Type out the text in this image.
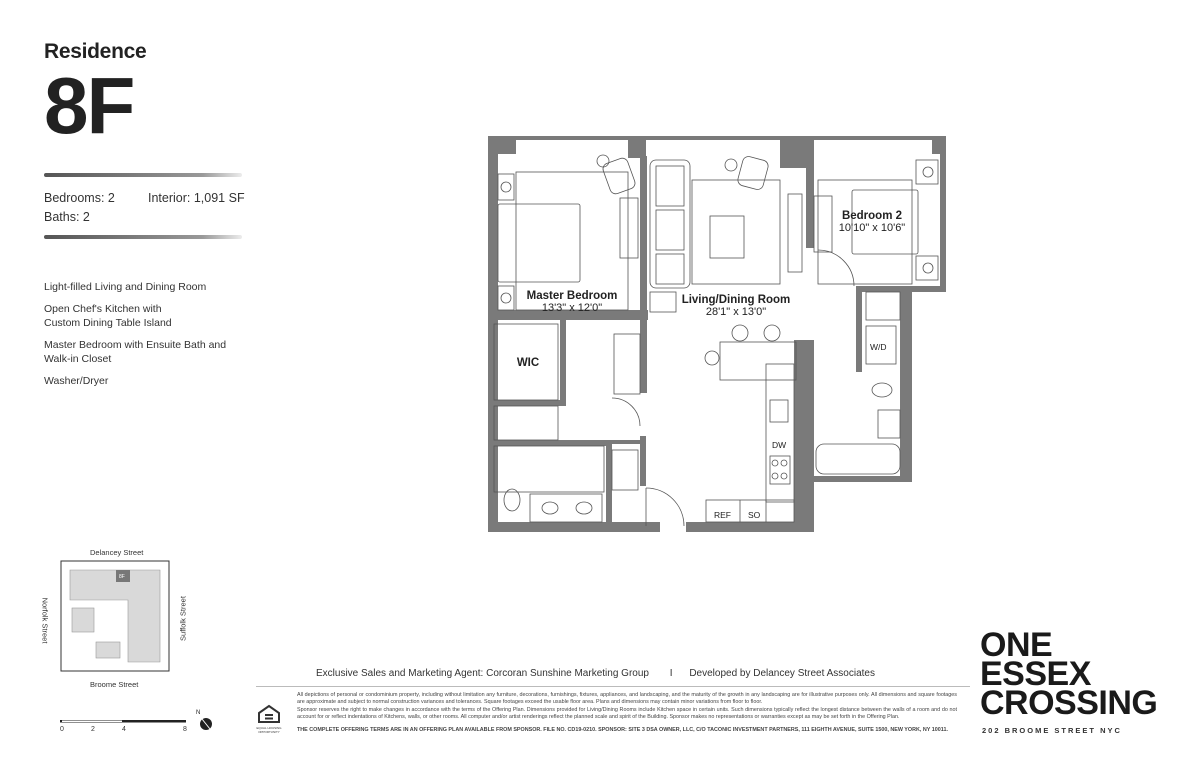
Residence
8F
Bedrooms: 2	Interior: 1,091 SF
Baths: 2
Light-filled Living and Dining Room
Open Chef's Kitchen with Custom Dining Table Island
Master Bedroom with Ensuite Bath and Walk-in Closet
Washer/Dryer
Master Bedroom
13'3" x 12'0"
Living/Dining Room
28'1" x 13'0"
Bedroom 2
10'10" x 10'6"
WIC
DW
W/D
REF SO
Delancey Street
Broome Street
Norfolk Street	Suffolk Street
8F
0	2	4	8
N
Exclusive Sales and Marketing Agent: Corcoran Sunshine Marketing Group I Developed by Delancey Street Associates
EQUAL HOUSING OPPORTUNITY
All depictions of personal or condominium property, including without limitation any furniture, decorations, furnishings, fixtures, appliances, and landscaping, and the maturity of the growth in any landscaping are for illustrative purposes only. All dimensions and square footages are approximate and subject to normal construction variances and tolerances. Square footages exceed the usable floor area. Plans and dimensions may contain minor variations from floor to floor.
Sponsor reserves the right to make changes in accordance with the terms of the Offering Plan. Dimensions provided for Living/Dining Rooms include Kitchen space in certain units. Such dimensions typically reflect the longest distance between the walls of a room and do not account for or reflect indentations of Kitchens, walls, or other rooms. All computer and/or artist renderings reflect the planned scale and spirit of the Building. Sponsor makes no representations or warranties except as may be set forth in the Offering Plan.
THE COMPLETE OFFERING TERMS ARE IN AN OFFERING PLAN AVAILABLE FROM SPONSOR. FILE NO. CD19-0210. SPONSOR: SITE 3 DSA OWNER, LLC, C/O TACONIC INVESTMENT PARTNERS, 111 EIGHTH AVENUE, SUITE 1500, NEW YORK, NY 10011.
ONE
ESSEX
CROSSING
202 BROOME STREET NYC
